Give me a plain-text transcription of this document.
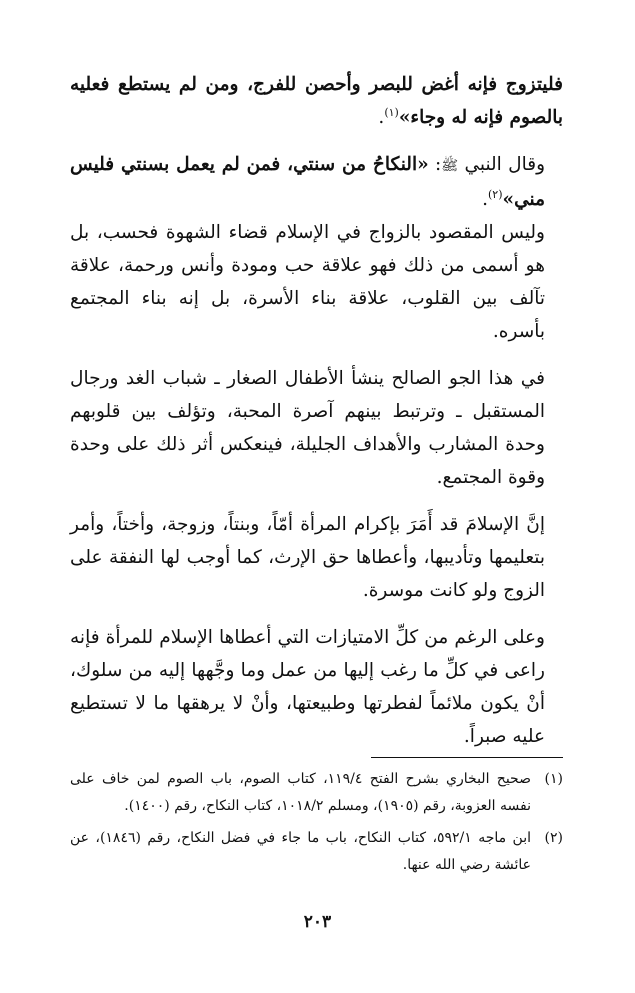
فليتزوج فإنه أغض للبصر وأحصن للفرج، ومن لم يستطع فعليه بالصوم فإنه له وجاء»$^{(١)}$.

وقال النبي ﷺ: «النكاحُ من سنتي، فمن لم يعمل بسنتي فليس مني»$^{(٢)}$.

وليس المقصود بالزواج في الإسلام قضاء الشهوة فحسب، بل هو أسمى من ذلك فهو علاقة حب ومودة وأنس ورحمة، علاقة تآلف بين القلوب، علاقة بناء الأسرة، بل إنه بناء المجتمع بأسره.

في هذا الجو الصالح ينشأ الأطفال الصغار ـ شباب الغد ورجال المستقبل ـ وترتبط بينهم آصرة المحبة، وتؤلف بين قلوبهم وحدة المشارب والأهداف الجليلة، فينعكس أثر ذلك على وحدة وقوة المجتمع.

إنَّ الإسلامَ قد أَمَرَ بإكرام المرأة أمّاً، وبنتاً، وزوجة، وأختاً، وأمر بتعليمها وتأديبها، وأعطاها حق الإرث، كما أوجب لها النفقة على الزوج ولو كانت موسرة.

وعلى الرغم من كلِّ الامتيازات التي أعطاها الإسلام للمرأة فإنه راعى في كلِّ ما رغب إليها من عمل وما وجَّهها إليه من سلوك، أنْ يكون ملائماً لفطرتها وطبيعتها، وأنْ لا يرهقها ما لا تستطيع عليه صبراً.

(١)
صحيح البخاري بشرح الفتح ١١٩/٤، كتاب الصوم، باب الصوم لمن خاف على نفسه العزوبة، رقم (١٩٠٥)، ومسلم ١٠١٨/٢، كتاب النكاح، رقم (١٤٠٠).
(٢)
ابن ماجه ٥٩٢/١، كتاب النكاح، باب ما جاء في فضل النكاح، رقم (١٨٤٦)، عن عائشة رضي الله عنها.
٢٠٣
